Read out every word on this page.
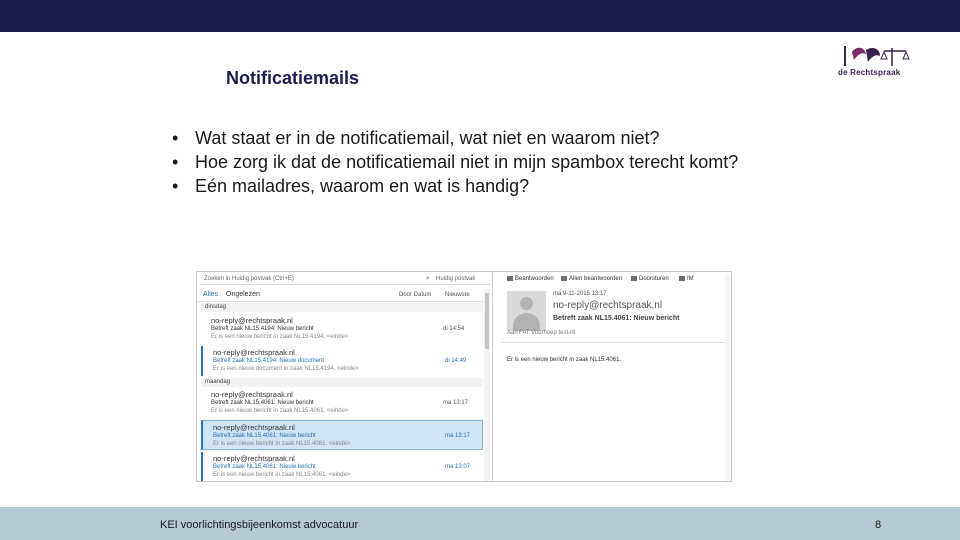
Notificatiemails	de Rechtspraak
• Wat staat er in de notificatiemail, wat niet en waarom niet?
• Hoe zorg ik dat de notificatiemail niet in mijn spambox terecht komt?
• Eén mailadres, waarom en wat is handig?
Zoeken in Huidig postvak (Ctrl+E)	⌕ Huidig postvak
Alles Ongelezen	Door Datum Nieuwste
dinsdag
no-reply@rechtspraak.nl
Betreft zaak NL15.4194: Nieuw bericht
Er is een nieuw bericht in zaak NL15.4194. <einde>
di 14:54
no-reply@rechtspraak.nl
Betreft zaak NL15.4194: Nieuw document
Er is een nieuw document in zaak NL15.4194. <einde>
di 14:49
maandag
no-reply@rechtspraak.nl
Betreft zaak NL15.4061: Nieuw bericht
Er is een nieuw bericht in zaak NL15.4061. <einde>
ma 13:17
no-reply@rechtspraak.nl
Betreft zaak NL15.4061: Nieuw bericht
Er is een nieuw bericht in zaak NL15.4061. <einde>
ma 13:17
no-reply@rechtspraak.nl
Betreft zaak NL15.4061: Nieuw bericht
Er is een nieuw bericht in zaak NL15.4061. <einde>
ma 13:07
Beantwoorden	Allen beantwoorden	Doorsturen	IM
ma 9-11-2015 13:17
no-reply@rechtspraak.nl
Betreft zaak NL15.4061: Nieuw bericht
Aan FAT Voorhoep test-r8
Er is een nieuw bericht in zaak NL15.4061.
KEI voorlichtingsbijeenkomst advocatuur	8
